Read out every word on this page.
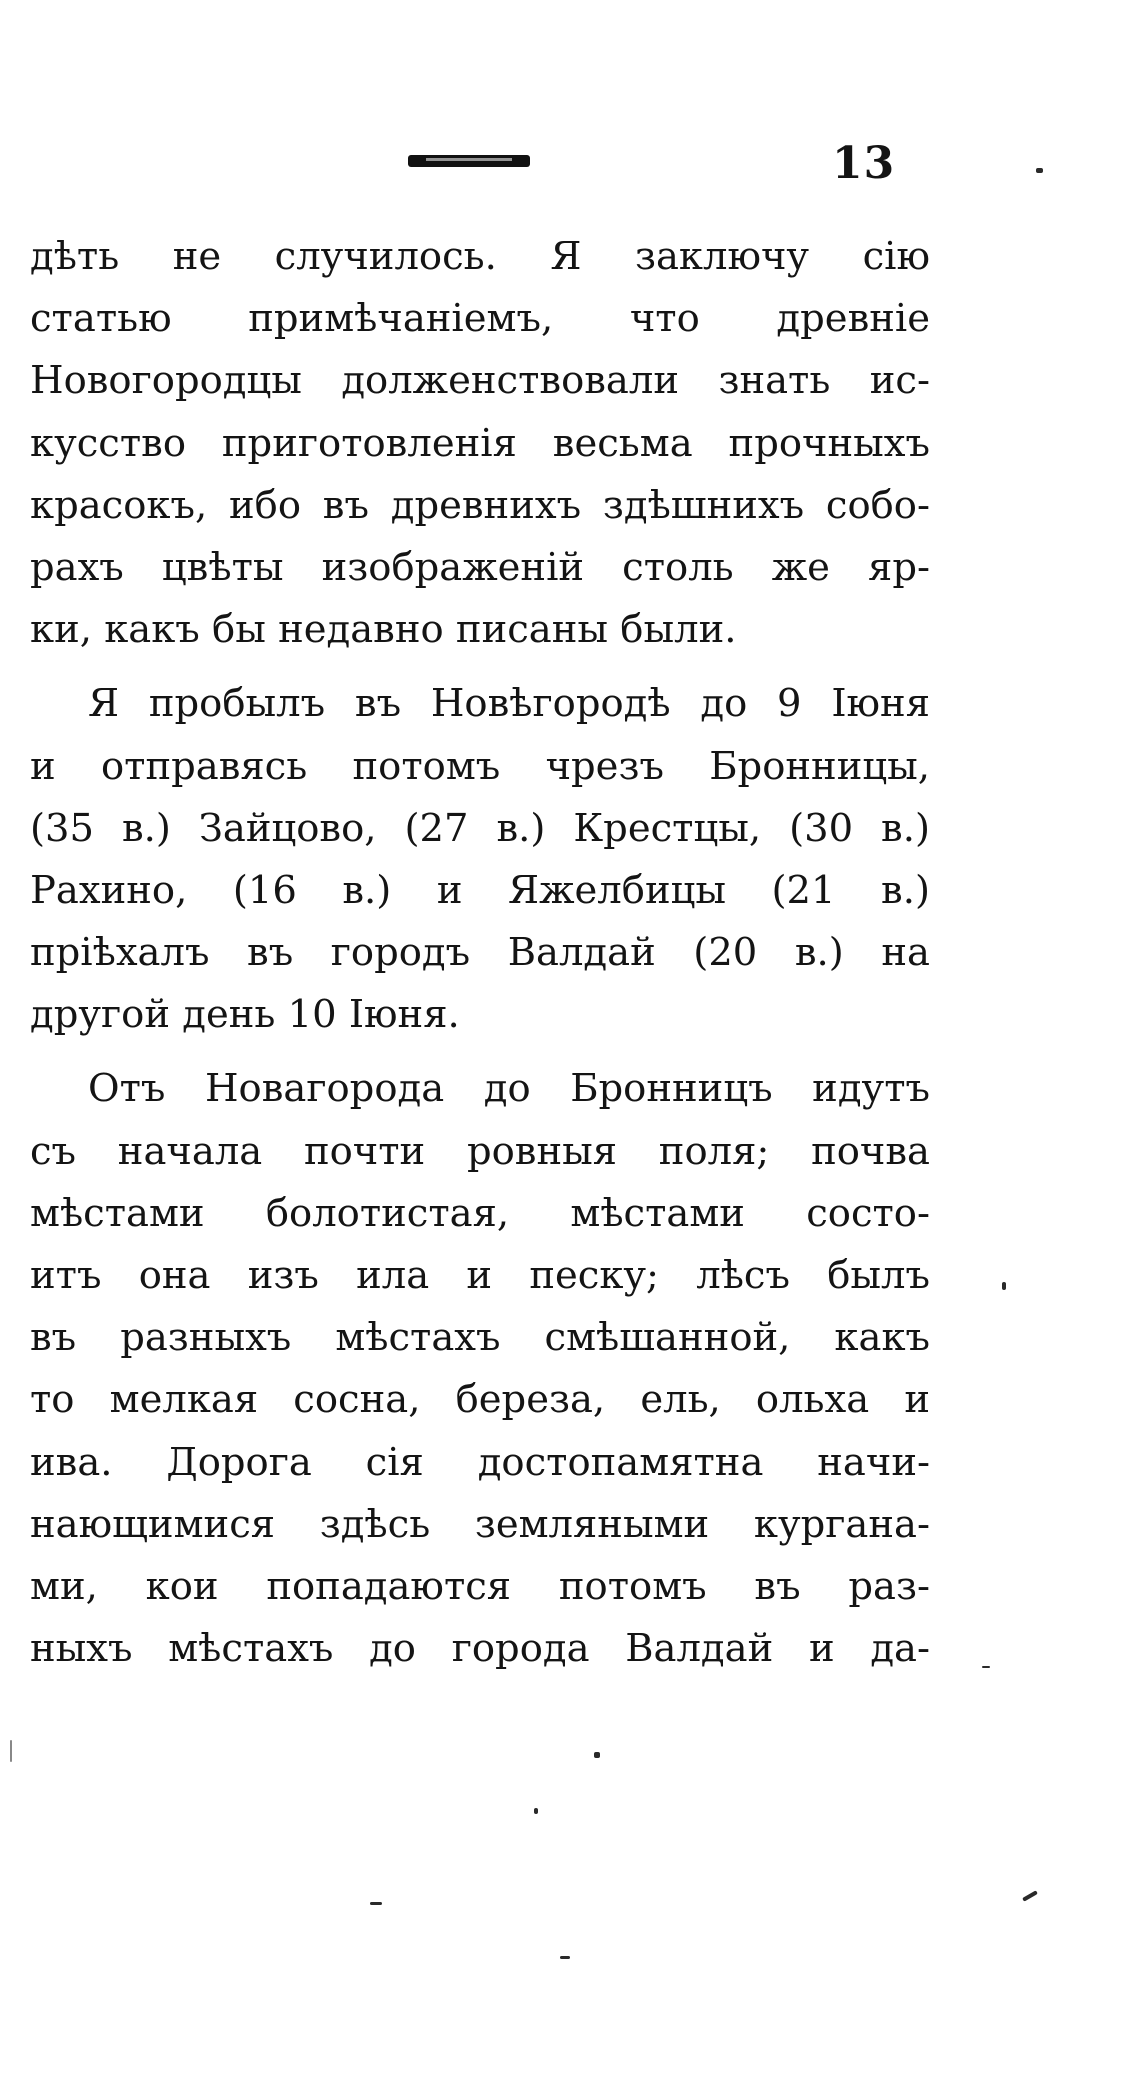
13
дѣть не случилось. Я заключу сію
статью примѣчаніемъ, что древніе
Новогородцы долженствовали знать ис-
кусство приготовленія весьма прочныхъ
красокъ, ибо въ древнихъ здѣшнихъ собо-
рахъ цвѣты изображеній столь же яр-
ки, какъ бы недавно писаны были.
Я пробылъ въ Новѣгородѣ до 9 Іюня
и отправясь потомъ чрезъ Бронницы,
(35 в.) Зайцово, (27 в.) Крестцы, (30 в.)
Рахино, (16 в.) и Яжелбицы (21 в.)
пріѣхалъ въ городъ Валдай (20 в.) на
другой день 10 Іюня.
Отъ Новагорода до Бронницъ идутъ
съ начала почти ровныя поля; почва
мѣстами болотистая, мѣстами состо-
итъ она изъ ила и песку; лѣсъ былъ
въ разныхъ мѣстахъ смѣшанной, какъ
то мелкая сосна, береза, ель, ольха и
ива. Дорога сія достопамятна начи-
нающимися здѣсь земляными кургана-
ми, кои попадаются потомъ въ раз-
ныхъ мѣстахъ до города Валдай и да-
